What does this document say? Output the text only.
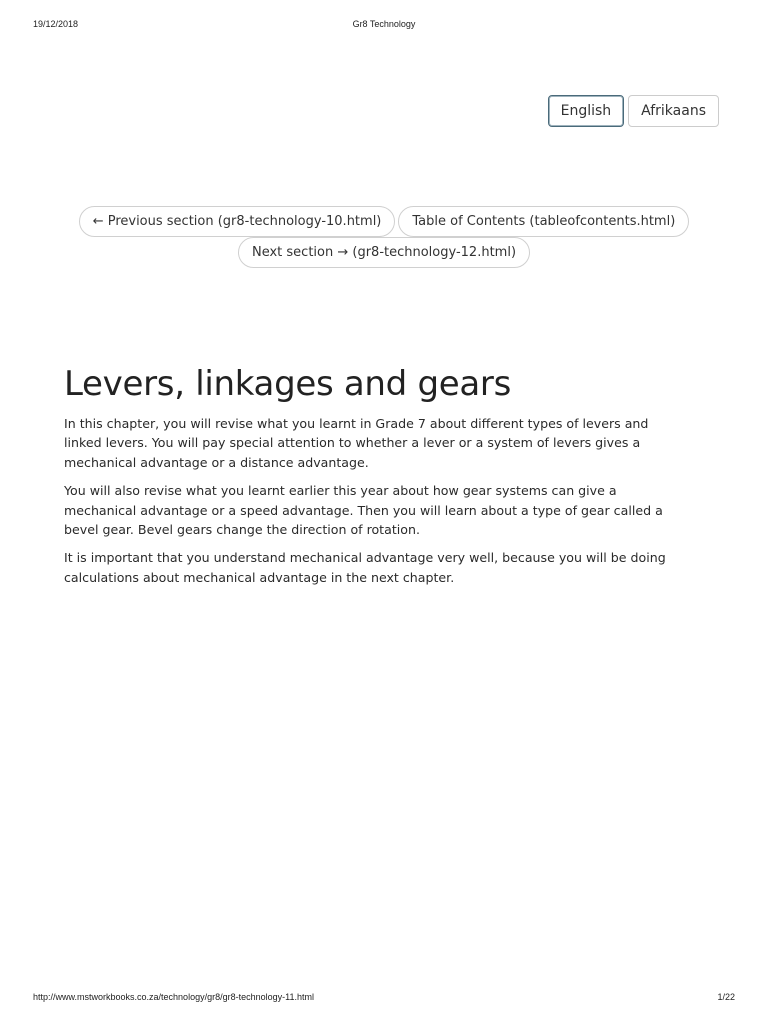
19/12/2018	Gr8 Technology
English	Afrikaans
← Previous section (gr8-technology-10.html)	Table of Contents (tableofcontents.html)
Next section → (gr8-technology-12.html)
Levers, linkages and gears

In this chapter, you will revise what you learnt in Grade 7 about different types of levers and linked levers. You will pay special attention to whether a lever or a system of levers gives a mechanical advantage or a distance advantage.

You will also revise what you learnt earlier this year about how gear systems can give a mechanical advantage or a speed advantage. Then you will learn about a type of gear called a bevel gear. Bevel gears change the direction of rotation.

It is important that you understand mechanical advantage very well, because you will be doing calculations about mechanical advantage in the next chapter.

http://www.mstworkbooks.co.za/technology/gr8/gr8-technology-11.html	1/22
